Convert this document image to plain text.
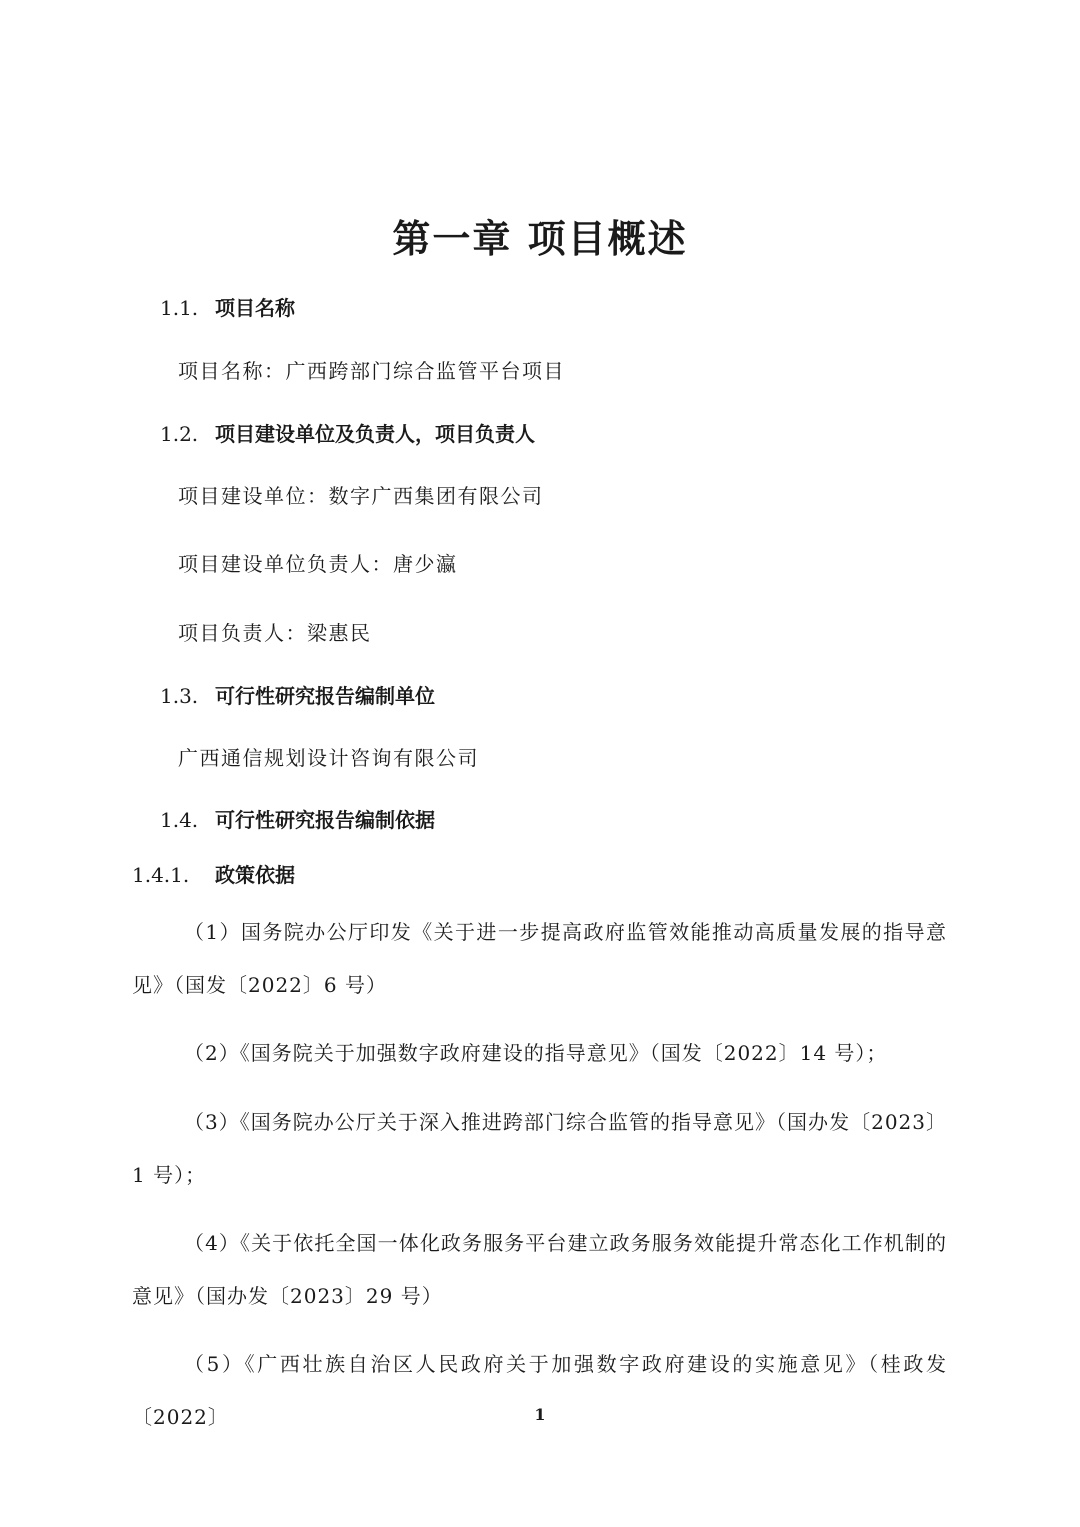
第一章 项目概述
1.1. 项目名称
项目名称：广西跨部门综合监管平台项目
1.2. 项目建设单位及负责人，项目负责人
项目建设单位：数字广西集团有限公司
项目建设单位负责人：唐少瀛
项目负责人：梁惠民
1.3. 可行性研究报告编制单位
广西通信规划设计咨询有限公司
1.4. 可行性研究报告编制依据
1.4.1. 政策依据
（1）国务院办公厅印发《关于进一步提高政府监管效能推动高质量发展的指导意见》（国发〔2022〕6 号）
（2）《国务院关于加强数字政府建设的指导意见》（国发〔2022〕14 号）；
（3）《国务院办公厅关于深入推进跨部门综合监管的指导意见》（国办发〔2023〕1 号）；
（4）《关于依托全国一体化政务服务平台建立政务服务效能提升常态化工作机制的意见》（国办发〔2023〕29 号）
（5）《广西壮族自治区人民政府关于加强数字政府建设的实施意见》（桂政发〔2022〕	1
